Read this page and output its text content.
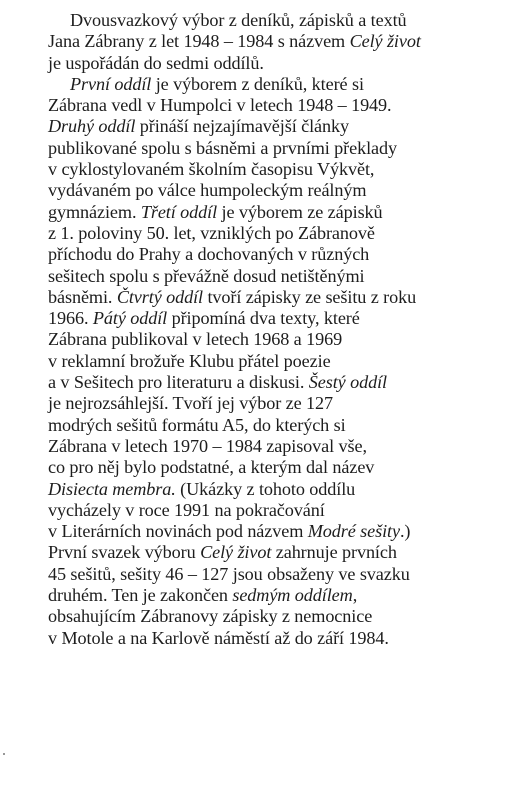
Dvousvazkový výbor z deníků, zápisků a textů
Jana Zábrany z let 1948 – 1984 s názvem Celý život
je uspořádán do sedmi oddílů.
První oddíl je výborem z deníků, které si
Zábrana vedl v Humpolci v letech 1948 – 1949.
Druhý oddíl přináší nejzajímavější články
publikované spolu s básněmi a prvními překlady
v cyklostylovaném školním časopisu Výkvět,
vydávaném po válce humpoleckým reálným
gymnáziem. Třetí oddíl je výborem ze zápisků
z 1. poloviny 50. let, vzniklých po Zábranově
příchodu do Prahy a dochovaných v různých
sešitech spolu s převážně dosud netištěnými
básněmi. Čtvrtý oddíl tvoří zápisky ze sešitu z roku
1966. Pátý oddíl připomíná dva texty, které
Zábrana publikoval v letech 1968 a 1969
v reklamní brožuře Klubu přátel poezie
a v Sešitech pro literaturu a diskusi. Šestý oddíl
je nejrozsáhlejší. Tvoří jej výbor ze 127
modrých sešitů formátu A5, do kterých si
Zábrana v letech 1970 – 1984 zapisoval vše,
co pro něj bylo podstatné, a kterým dal název
Disiecta membra. (Ukázky z tohoto oddílu
vycházely v roce 1991 na pokračování
v Literárních novinách pod názvem Modré sešity.)
První svazek výboru Celý život zahrnuje prvních
45 sešitů, sešity 46 – 127 jsou obsaženy ve svazku
druhém. Ten je zakončen sedmým oddílem,
obsahujícím Zábranovy zápisky z nemocnice
v Motole a na Karlově náměstí až do září 1984.
